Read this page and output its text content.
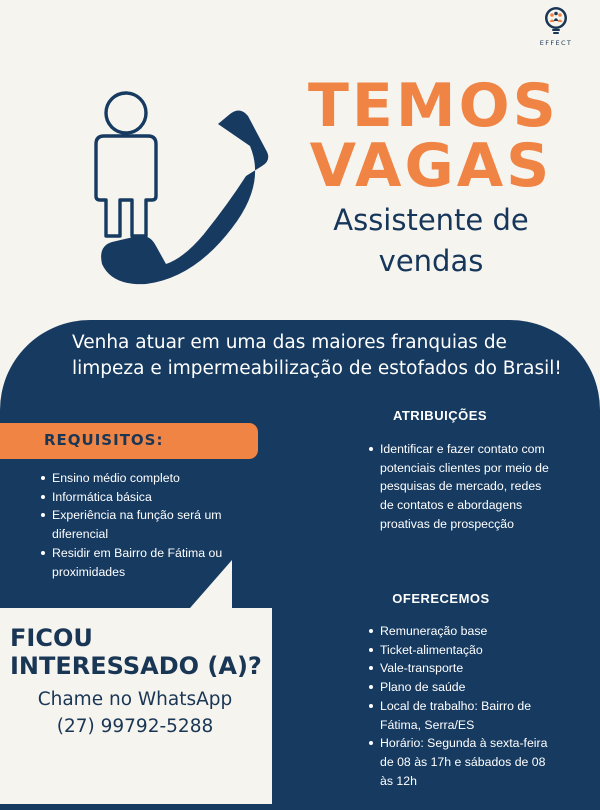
EFFECT
TEMOS
VAGAS
Assistente de
vendas
Venha atuar em uma das maiores franquias de
limpeza e impermeabilização de estofados do Brasil!
REQUISITOS:
Ensino médio completo
Informática básica
Experiência na função será um diferencial
Residir em Bairro de Fátima ou proximidades
ATRIBUIÇÕES
Identificar e fazer contato com potenciais clientes por meio de pesquisas de mercado, redes de contatos e abordagens proativas de prospecção
OFERECEMOS
Remuneração base
Ticket-alimentação
Vale-transporte
Plano de saúde
Local de trabalho: Bairro de Fátima, Serra/ES
Horário: Segunda à sexta-feira de 08 às 17h e sábados de 08 às 12h
FICOU
INTERESSADO (A)?
Chame no WhatsApp
(27) 99792-5288
